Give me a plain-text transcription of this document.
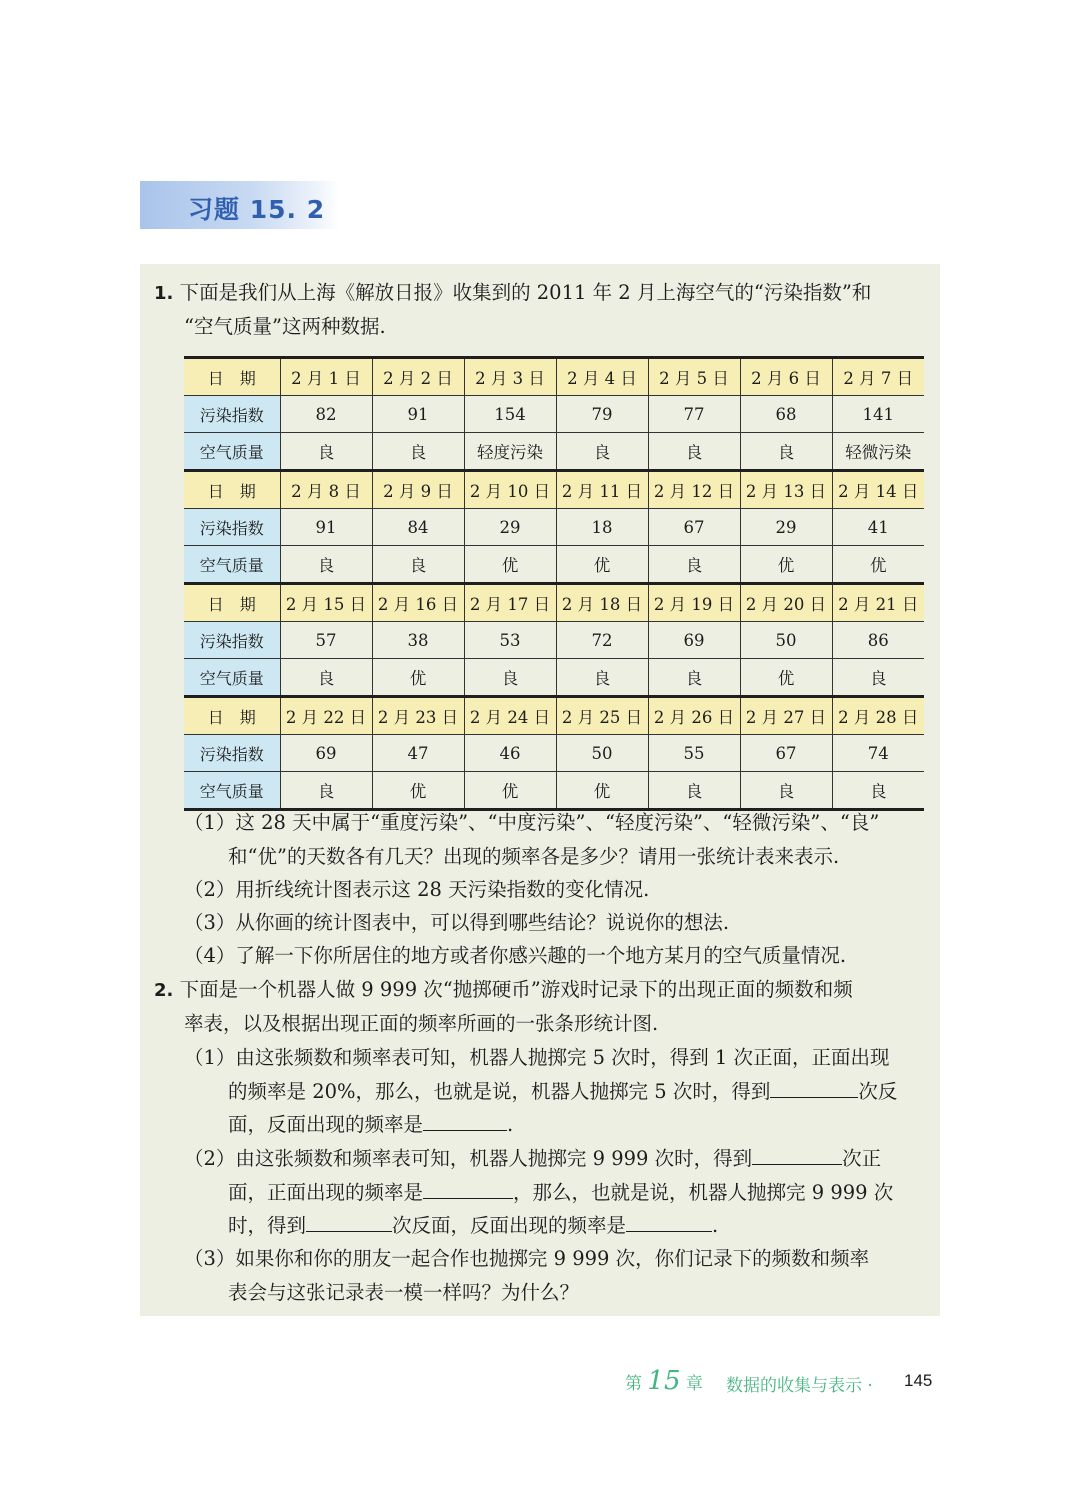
习题 15. 2
1. 下面是我们从上海《解放日报》收集到的 2011 年 2 月上海空气的“污染指数”和
“空气质量”这两种数据.
日　期	2 月 1 日	2 月 2 日	2 月 3 日	2 月 4 日	2 月 5 日	2 月 6 日	2 月 7 日
污染指数	82	91	154	79	77	68	141
空气质量	良	良	轻度污染	良	良	良	轻微污染
日　期	2 月 8 日	2 月 9 日	2 月 10 日	2 月 11 日	2 月 12 日	2 月 13 日	2 月 14 日
污染指数	91	84	29	18	67	29	41
空气质量	良	良	优	优	良	优	优
日　期	2 月 15 日	2 月 16 日	2 月 17 日	2 月 18 日	2 月 19 日	2 月 20 日	2 月 21 日
污染指数	57	38	53	72	69	50	86
空气质量	良	优	良	良	良	优	良
日　期	2 月 22 日	2 月 23 日	2 月 24 日	2 月 25 日	2 月 26 日	2 月 27 日	2 月 28 日
污染指数	69	47	46	50	55	67	74
空气质量	良	优	优	优	良	良	良
（1）这 28 天中属于“重度污染”、“中度污染”、“轻度污染”、“轻微污染”、“良”
和“优”的天数各有几天？出现的频率各是多少？请用一张统计表来表示.
（2）用折线统计图表示这 28 天污染指数的变化情况.
（3）从你画的统计图表中，可以得到哪些结论？说说你的想法.
（4）了解一下你所居住的地方或者你感兴趣的一个地方某月的空气质量情况.
2. 下面是一个机器人做 9 999 次“抛掷硬币”游戏时记录下的出现正面的频数和频
率表，以及根据出现正面的频率所画的一张条形统计图.
（1）由这张频数和频率表可知，机器人抛掷完 5 次时，得到 1 次正面，正面出现
的频率是 20%，那么，也就是说，机器人抛掷完 5 次时，得到	次反
面，反面出现的频率是	.
（2）由这张频数和频率表可知，机器人抛掷完 9 999 次时，得到	次正
面，正面出现的频率是	，那么，也就是说，机器人抛掷完 9 999 次
时，得到	次反面，反面出现的频率是	.
（3）如果你和你的朋友一起合作也抛掷完 9 999 次，你们记录下的频数和频率
表会与这张记录表一模一样吗？为什么？
第 15 章 数据的收集与表示 · 145
